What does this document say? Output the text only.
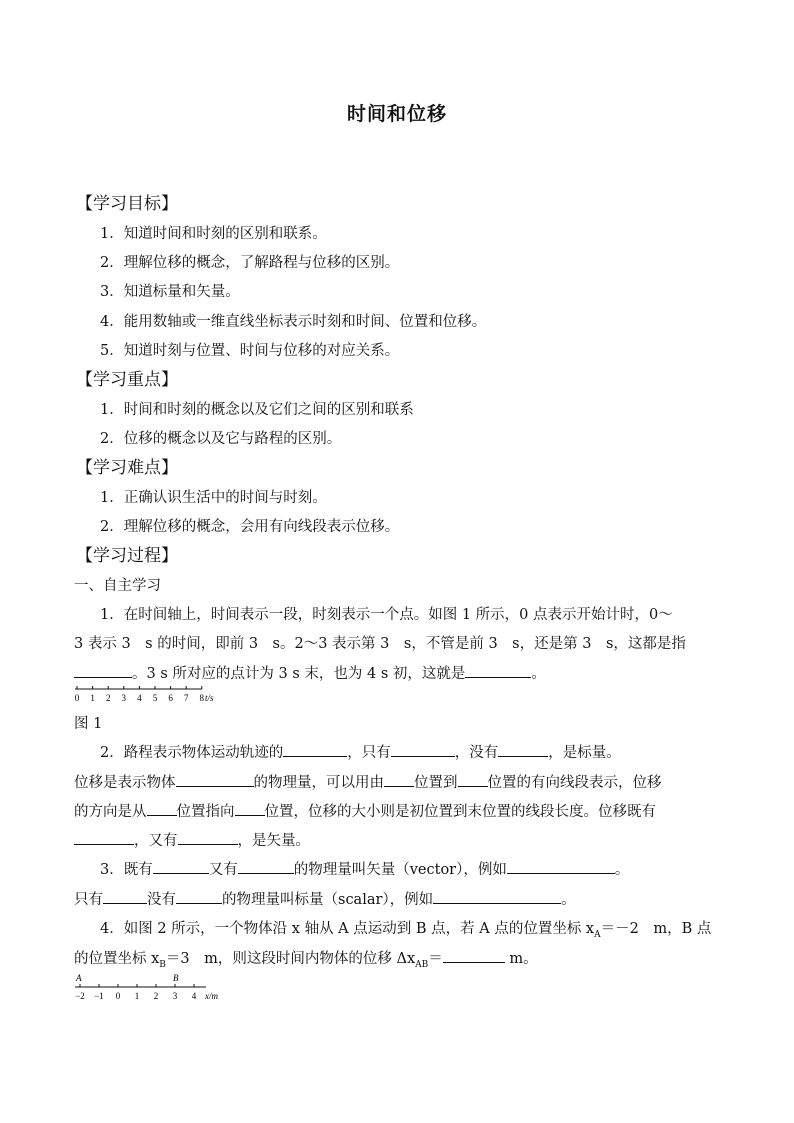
时间和位移
【学习目标】
1．知道时间和时刻的区别和联系。
2．理解位移的概念，了解路程与位移的区别。
3．知道标量和矢量。
4．能用数轴或一维直线坐标表示时刻和时间、位置和位移。
5．知道时刻与位置、时间与位移的对应关系。
【学习重点】
1．时间和时刻的概念以及它们之间的区别和联系
2．位移的概念以及它与路程的区别。
【学习难点】
1．正确认识生活中的时间与时刻。
2．理解位移的概念，会用有向线段表示位移。
【学习过程】
一、自主学习
1．在时间轴上，时间表示一段，时刻表示一个点。如图 1 所示，0 点表示开始计时，0～
3 表示 3　s 的时间，即前 3　s。2～3 表示第 3　s，不管是前 3　s，还是第 3　s，这都是指
。3 s 所对应的点计为 3 s 末，也为 4 s 初，这就是	。
0 1 2 3 4 5 6 7 8 t/s
图 1
2．路程表示物体运动轨迹的	，只有	，没有	，是标量。
位移是表示物体	的物理量，可以用由 位置到 位置的有向线段表示，位移
的方向是从 位置指向 位置，位移的大小则是初位置到末位置的线段长度。位移既有
，又有	，是矢量。
3．既有	又有	的物理量叫矢量（vector），例如	。
只有	没有	的物理量叫标量（scalar），例如	。
4．如图 2 所示，一个物体沿 x 轴从 A 点运动到 B 点，若 A 点的位置坐标 $x_A=-2$　m，B 点
的位置坐标 $x_B=3$　m，则这段时间内物体的位移 $\Delta x_{AB}=$	m。
A	B
−2 −1 0 1 2 3 4 x/m
